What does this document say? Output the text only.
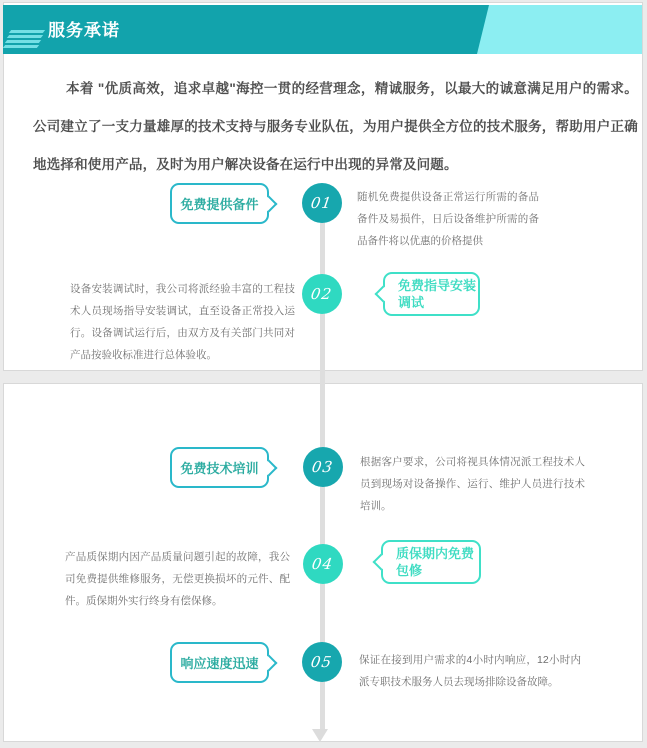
服务承诺
本着 "优质高效，追求卓越"海控一贯的经营理念，精诚服务，以最大的诚意满足用户的需求。公司建立了一支力量雄厚的技术支持与服务专业队伍，为用户提供全方位的技术服务，帮助用户正确地选择和使用产品，及时为用户解决设备在运行中出现的异常及问题。
免费提供备件	01 随机免费提供设备正常运行所需的备品备件及易损件，日后设备维护所需的备品备件将以优惠的价格提供
设备安装调试时，我公司将派经验丰富的工程技术人员现场指导安装调试，直至设备正常投入运行。设备调试运行后，由双方及有关部门共同对产品按验收标准进行总体验收。
02	免费指导安装调试
免费技术培训	03 根据客户要求，公司将视具体情况派工程技术人员到现场对设备操作、运行、维护人员进行技术培训。
产品质保期内因产品质量问题引起的故障，我公司免费提供维修服务，无偿更换损坏的元件、配件。质保期外实行终身有偿保修。
04
质保期内免费包修
响应速度迅速	05 保证在接到用户需求的4小时内响应，12小时内派专职技术服务人员去现场排除设备故障。
